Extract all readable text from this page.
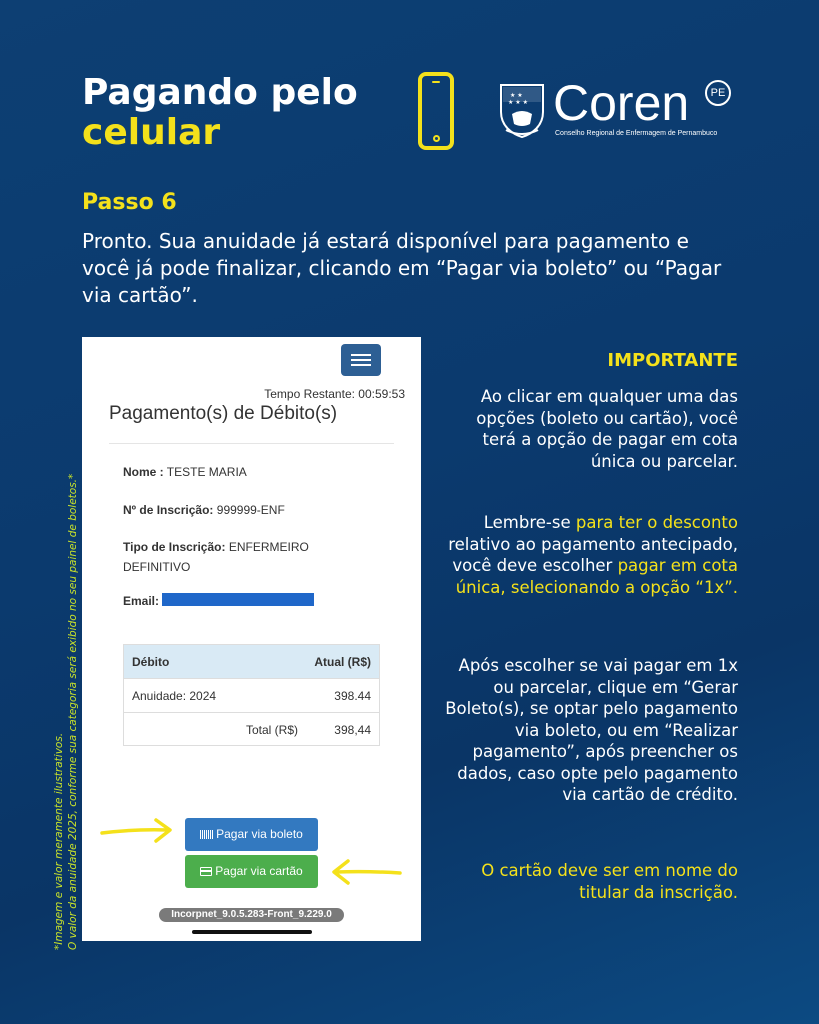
Pagando pelo
celular
★ ★
★ ★ ★ Coren	PE
Conselho Regional de Enfermagem de Pernambuco
Passo 6
Pronto. Sua anuidade já estará disponível para pagamento e você já pode finalizar, clicando em “Pagar via boleto” ou “Pagar via cartão”.
*Imagem e valor meramente ilustrativos. O valor da anuidade 2025, conforme sua categoria será exibido no seu painel de boletos.*
Tempo Restante: 00:59:53
Pagamento(s) de Débito(s)
Nome : TESTE MARIA
Nº de Inscrição: 999999-ENF
Tipo de Inscrição: ENFERMEIRO
DEFINITIVO
Email:
Débito	Atual (R$)
Anuidade: 2024	398.44
Total (R$)	398,44
Pagar via boleto
Pagar via cartão
Incorpnet_9.0.5.283-Front_9.229.0
IMPORTANTE
Ao clicar em qualquer uma das opções (boleto ou cartão), você terá a opção de pagar em cota única ou parcelar.
Lembre-se para ter o desconto relativo ao pagamento antecipado, você deve escolher pagar em cota única, selecionando a opção “1x”.
Após escolher se vai pagar em 1x ou parcelar, clique em “Gerar Boleto(s), se optar pelo pagamento via boleto, ou em “Realizar pagamento”, após preencher os dados, caso opte pelo pagamento via cartão de crédito.
O cartão deve ser em nome do titular da inscrição.
